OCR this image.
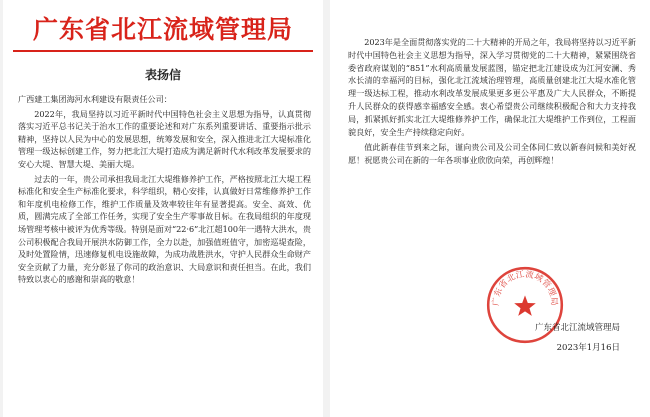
广东省北江流域管理局
表扬信

广西建工集团海河水利建设有限责任公司：

2022年，我局坚持以习近平新时代中国特色社会主义思想为指导，认真贯彻落实习近平总书记关于治水工作的重要论述和对广东系列重要讲话、重要指示批示精神，坚持以人民为中心的发展思想，统筹发展和安全，深入推进北江大堤标准化管理一级达标创建工作，努力把北江大堤打造成为满足新时代水利改革发展要求的安心大堤、智慧大堤、美丽大堤。

过去的一年，贵公司承担我局北江大堤维修养护工作，严格按照北江大堤工程标准化和安全生产标准化要求，科学组织，精心安排，认真做好日常维修养护工作和年度机电检修工作，维护工作质量及效率较往年有显著提高。安全、高效、优质，圆满完成了全部工作任务，实现了安全生产零事故目标。在我局组织的年度现场管理考核中被评为优秀等级。特别是面对“22·6”北江超100年一遇特大洪水，贵公司积极配合我局开展洪水防御工作，全力以赴，加强值班值守，加密巡堤查险，及时处置险情，迅速修复机电设施故障，为成功战胜洪水，守护人民群众生命财产安全贡献了力量，充分彰显了你司的政治意识、大局意识和责任担当。在此，我们特致以衷心的感谢和崇高的敬意！

2023年是全面贯彻落实党的二十大精神的开局之年，我局将坚持以习近平新时代中国特色社会主义思想为指导，深入学习贯彻党的二十大精神，紧紧围绕省委省政府谋划的“851”水利高质量发展蓝图，锚定把北江建设成为江河安澜、秀水长清的幸福河的目标，强化北江流域治理管理，高质量创建北江大堤水准化管理一级达标工程，推动水利改革发展成果更多更公平惠及广大人民群众，不断提升人民群众的获得感幸福感安全感。衷心希望贵公司继续积极配合和大力支持我局，抓紧抓好抓实北江大堤维修养护工作，确保北江大堤维护工作到位，工程面貌良好，安全生产持续稳定向好。

值此新春佳节到来之际，谨向贵公司及公司全体同仁致以新春问候和美好祝愿！祝愿贵公司在新的一年各项事业欣欣向荣，再创辉煌！

广东省北江流域管理局
广东省北江流域管理局
2023年1月16日
